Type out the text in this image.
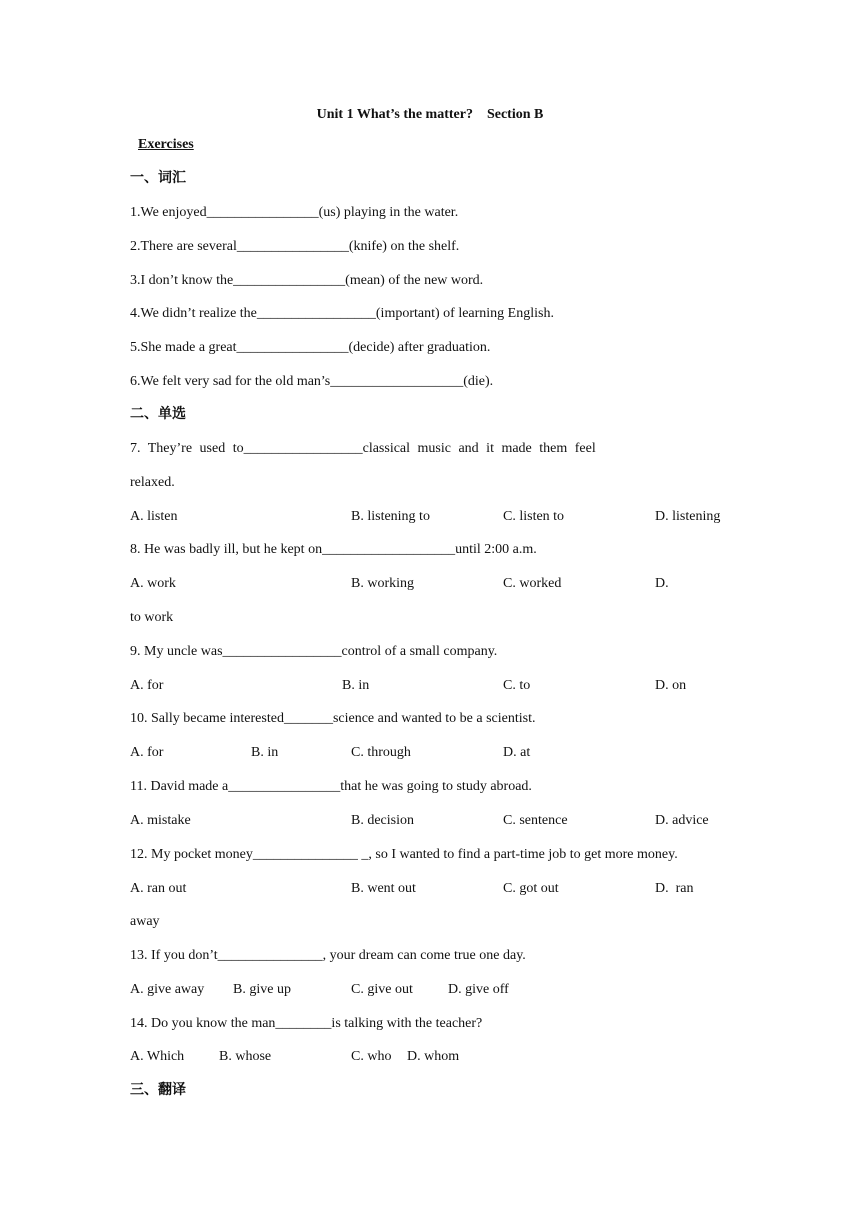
Unit 1 What’s the matter?    Section B
Exercises
一、词汇
1.We enjoyed________________(us) playing in the water.
2.There are several________________(knife) on the shelf.
3.I don’t know the________________(mean) of the new word.
4.We didn’t realize the_________________(important) of learning English.
5.She made a great________________(decide) after graduation.
6.We felt very sad for the old man’s___________________(die).
二、单选
7. They’re used to_________________classical music and it made them feel
relaxed.
A. listen	B. listening to	C. listen to	D. listening
8. He was badly ill, but he kept on___________________until 2:00 a.m.
A. work	B. working	C. worked	D.
to work
9. My uncle was_________________control of a small company.
A. for	B. in	C. to	D. on
10. Sally became interested_______science and wanted to be a scientist.
A. for	B. in	C. through	D. at
11. David made a________________that he was going to study abroad.
A. mistake	B. decision	C. sentence	D. advice
12. My pocket money_______________ _, so I wanted to find a part-time job to get more money.
A. ran out	B. went out	C. got out	D.  ran
away
13. If you don’t_______________, your dream can come true one day.
A. give away B. give up	C. give out	D. give off
14. Do you know the man________is talking with the teacher?
A. Which B. whose	C. who D. whom
三、翻译
